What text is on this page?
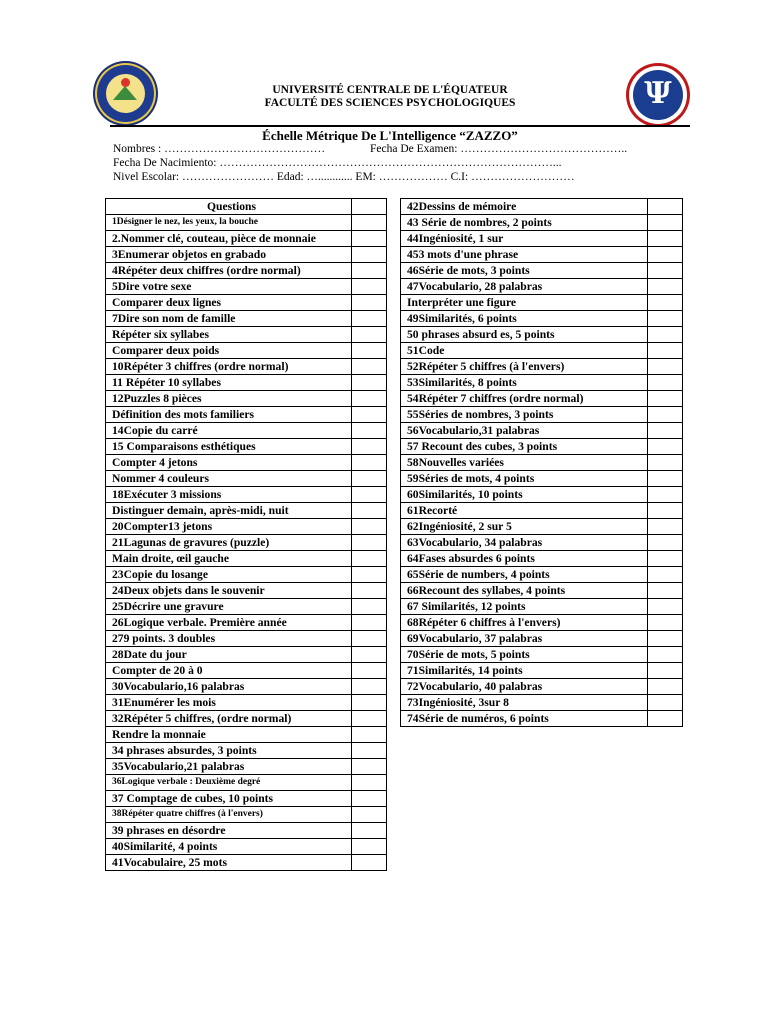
Ψ
UNIVERSITÉ CENTRALE DE L'ÉQUATEUR
FACULTÉ DES SCIENCES PSYCHOLOGIQUES
Échelle Métrique De L'Intelligence “ZAZZO”
Nombres : ……………………………………	Fecha De Examen: ……………………………………..
Fecha De Nacimiento: ……………………………………………………………………………...
Nivel Escolar: …………………… Edad: …............ EM: ……………… C.I: ………………………
Questions	
1Désigner le nez, les yeux, la bouche	
2.Nommer clé, couteau, pièce de monnaie	
3Enumerar objetos en grabado	
4Répéter deux chiffres (ordre normal)	
5Dire votre sexe	
Comparer deux lignes	
7Dire son nom de famille	
Répéter six syllabes	
Comparer deux poids	
10Répéter 3 chiffres (ordre normal)	
11 Répéter 10 syllabes	
12Puzzles 8 pièces	
Définition des mots familiers	
14Copie du carré	
15 Comparaisons esthétiques	
Compter 4 jetons	
Nommer 4 couleurs	
18Exécuter 3 missions	
Distinguer demain, après-midi, nuit	
20Compter13 jetons	
21Lagunas de gravures (puzzle)	
Main droite, œil gauche	
23Copie du losange	
24Deux objets dans le souvenir	
25Décrire une gravure	
26Logique verbale. Première année	
279 points. 3 doubles	
28Date du jour	
Compter de 20 à 0	
30Vocabulario,16 palabras	
31Enumérer les mois	
32Répéter 5 chiffres, (ordre normal)	
Rendre la monnaie	
34 phrases absurdes, 3 points	
35Vocabulario,21 palabras	
36Logique verbale : Deuxième degré	
37 Comptage de cubes, 10 points	
38Répéter quatre chiffres (à l'envers)	
39 phrases en désordre	
40Similarité, 4 points	
41Vocabulaire, 25 mots	
42Dessins de mémoire	
43 Série de nombres, 2 points	
44Ingéniosité, 1 sur	
453 mots d'une phrase	
46Série de mots, 3 points	
47Vocabulario, 28 palabras	
Interpréter une figure	
49Similarités, 6 points	
50 phrases absurd es, 5 points	
51Code	
52Répéter 5 chiffres (à l'envers)	
53Similarités, 8 points	
54Répéter 7 chiffres (ordre normal)	
55Séries de nombres, 3 points	
56Vocabulario,31 palabras	
57 Recount des cubes, 3 points	
58Nouvelles variées	
59Séries de mots, 4 points	
60Similarités, 10 points	
61Recorté	
62Ingéniosité, 2 sur 5	
63Vocabulario, 34 palabras	
64Fases absurdes 6 points	
65Série de numbers, 4 points	
66Recount des syllabes, 4 points	
67 Similarités, 12 points	
68Répéter 6 chiffres à l'envers)	
69Vocabulario, 37 palabras	
70Série de mots, 5 points	
71Similarités, 14 points	
72Vocabulario, 40 palabras	
73Ingéniosité, 3sur 8	
74Série de numéros, 6 points	
